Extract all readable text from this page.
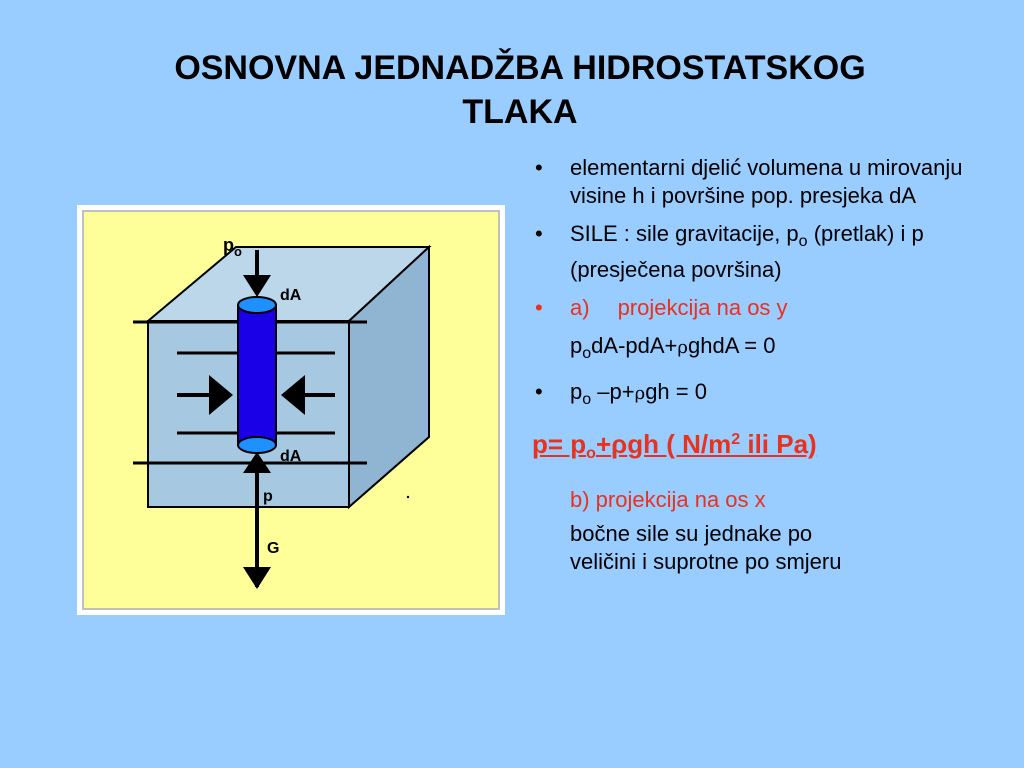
OSNOVNA JEDNADŽBA HIDROSTATSKOG
TLAKA
$p_o$
dA
dA
p
G
• elementarni djelić volumena u mirovanju visine h i površine pop. presjeka dA
• SILE : sile gravitacije, $p_o$ (pretlak) i p (presječena površina)
• a) projekcija na os y
$p_odA-pdA+\rho ghdA = 0$
• $p_o$ –p+ρgh = 0
$p= p_o+\rho gh$ ( $N/m^2$ ili Pa)
b) projekcija na os x
bočne sile su jednake po
veličini i suprotne po smjeru
